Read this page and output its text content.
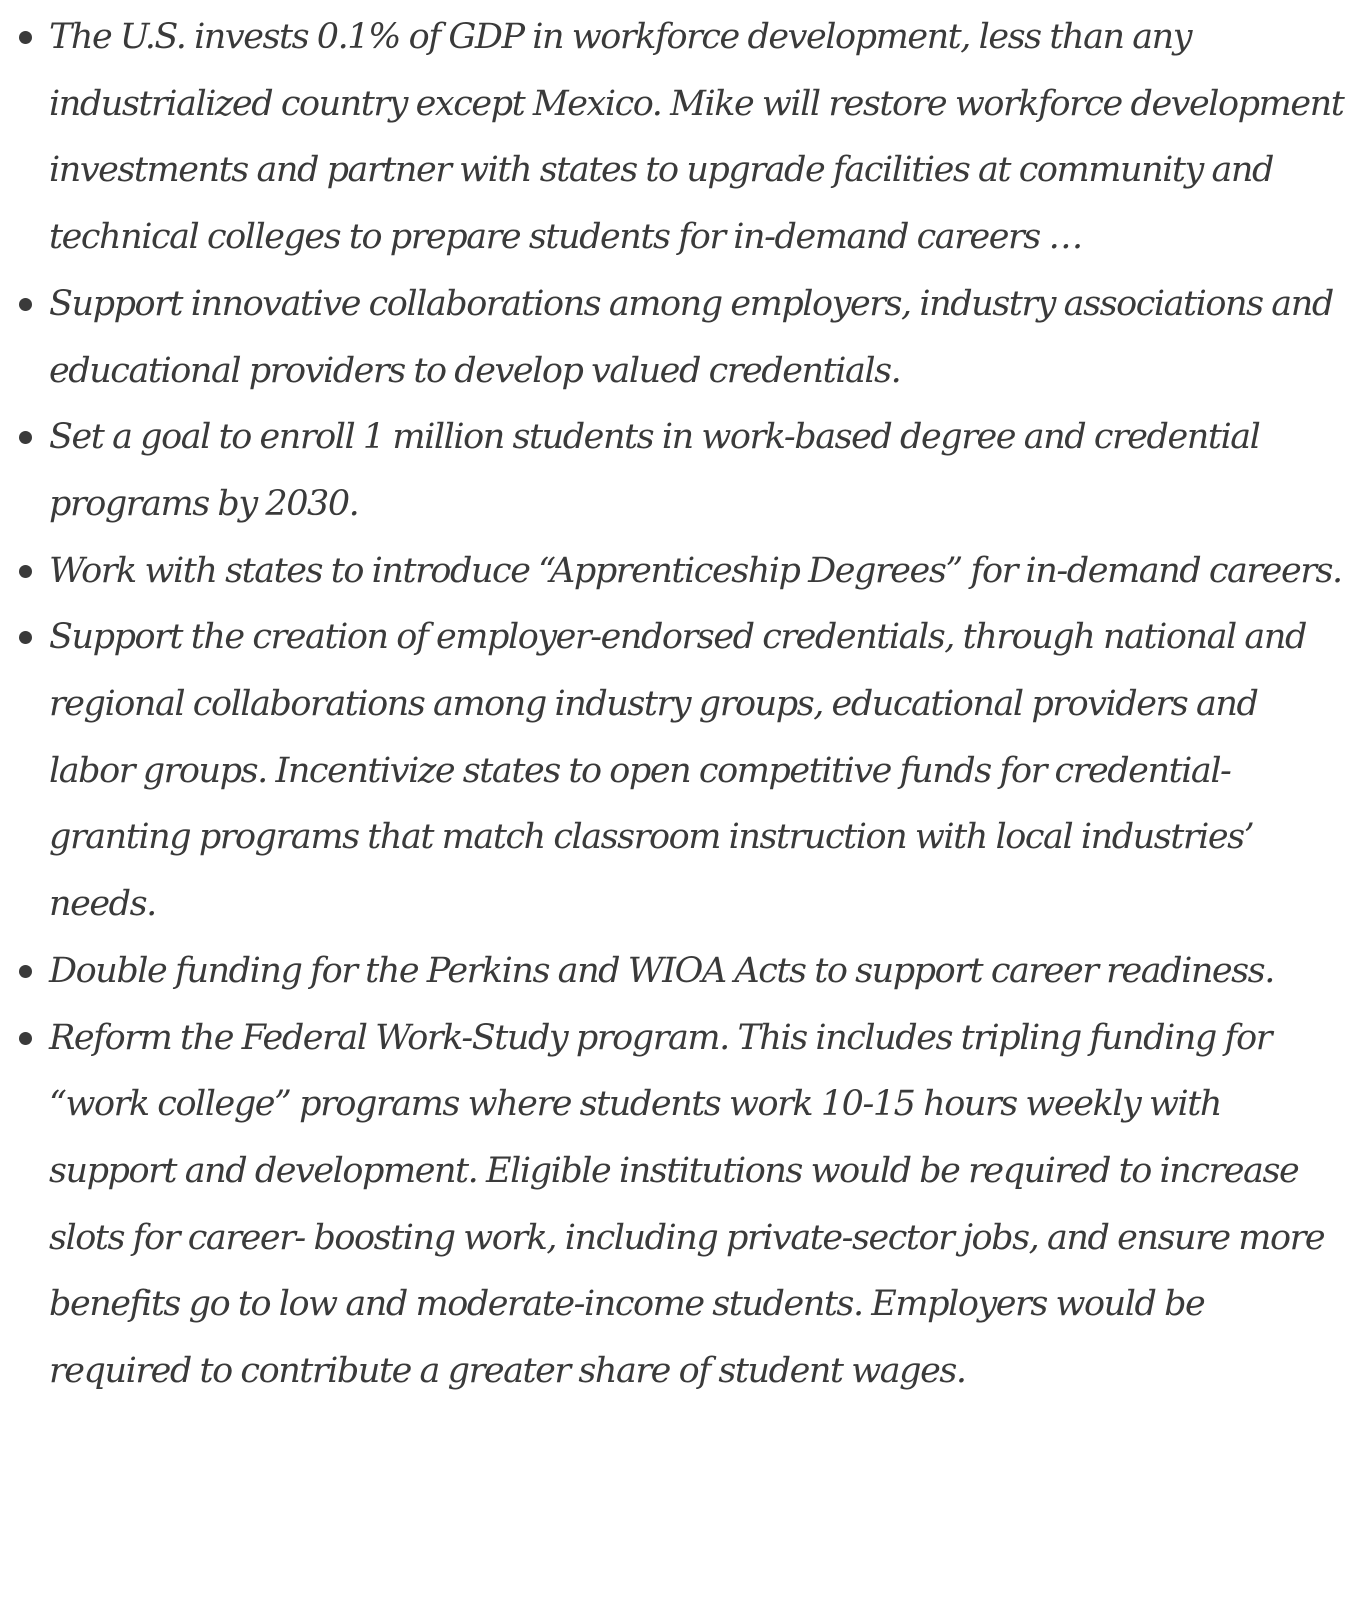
The U.S. invests 0.1% of GDP in workforce development, less than any industrialized country except Mexico. Mike will restore workforce development investments and partner with states to upgrade facilities at community and technical colleges to prepare students for in-demand careers …
Support innovative collaborations among employers, industry associations and educational providers to develop valued credentials.
Set a goal to enroll 1 million students in work-based degree and credential programs by 2030.
Work with states to introduce “Apprenticeship Degrees” for in-demand careers.
Support the creation of employer-endorsed credentials, through national and regional collaborations among industry groups, educational providers and labor groups. Incentivize states to open competitive funds for credential-granting programs that match classroom instruction with local industries’ needs.
Double funding for the Perkins and WIOA Acts to support career readiness.
Reform the Federal Work-Study program. This includes tripling funding for “work college” programs where students work 10-15 hours weekly with support and development. Eligible institutions would be required to increase slots for career- boosting work, including private-sector jobs, and ensure more benefits go to low and moderate-income students. Employers would be required to contribute a greater share of student wages.
